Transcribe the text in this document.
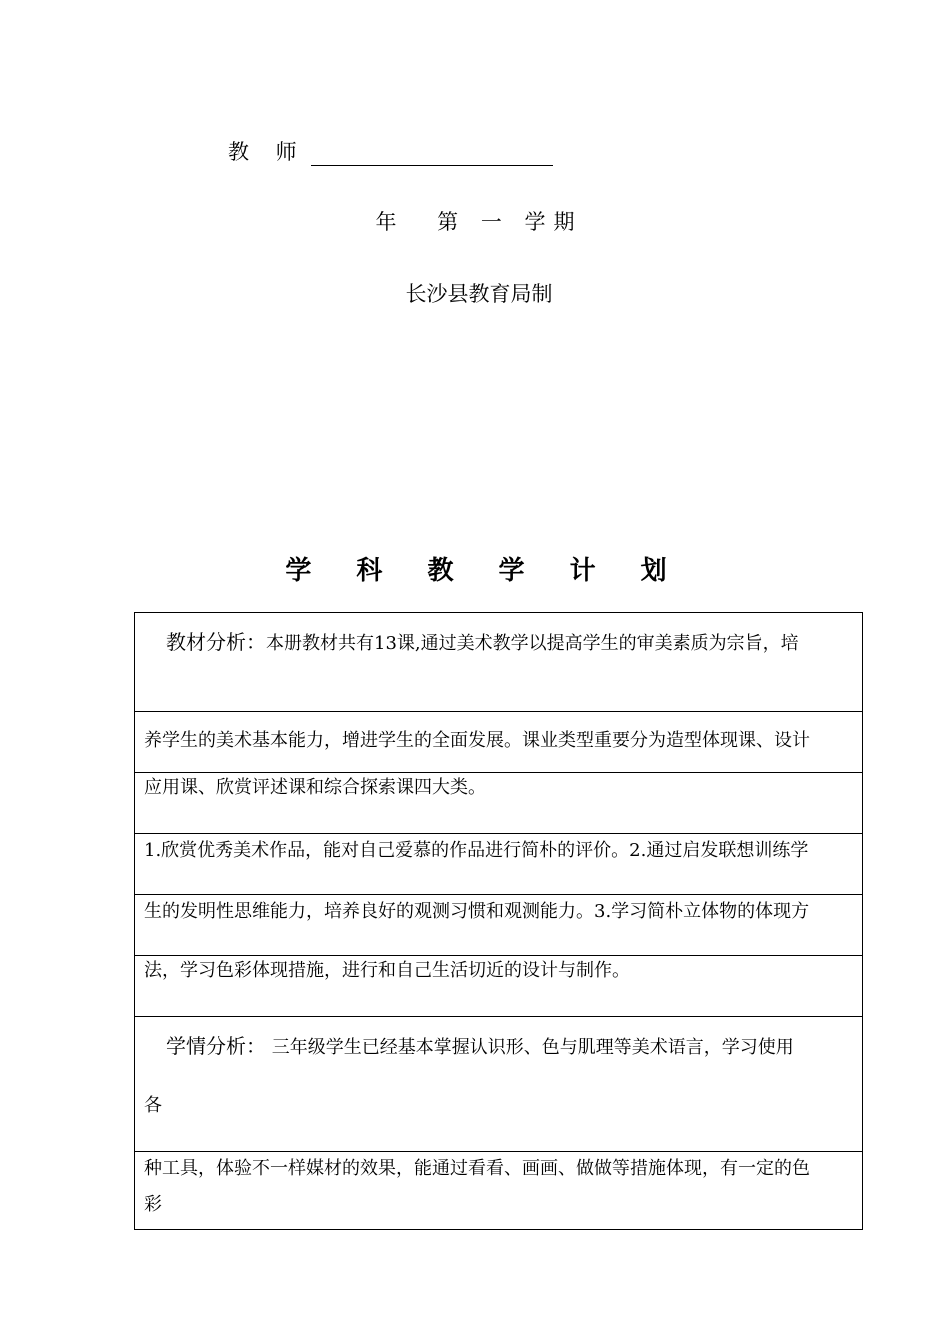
教 师
年 第 一 学期
长沙县教育局制
学 科 教 学 计 划
教材分析：本册教材共有13课,通过美术教学以提高学生的审美素质为宗旨，培

养学生的美术基本能力，增进学生的全面发展。课业类型重要分为造型体现课、设计

应用课、欣赏评述课和综合探索课四大类。

1.欣赏优秀美术作品，能对自己爱慕的作品进行简朴的评价。2.通过启发联想训练学

生的发明性思维能力，培养良好的观测习惯和观测能力。3.学习简朴立体物的体现方

法，学习色彩体现措施，进行和自己生活切近的设计与制作。

学情分析： 三年级学生已经基本掌握认识形、色与肌理等美术语言，学习使用
各

种工具，体验不一样媒材的效果，能通过看看、画画、做做等措施体现，有一定的色
彩
